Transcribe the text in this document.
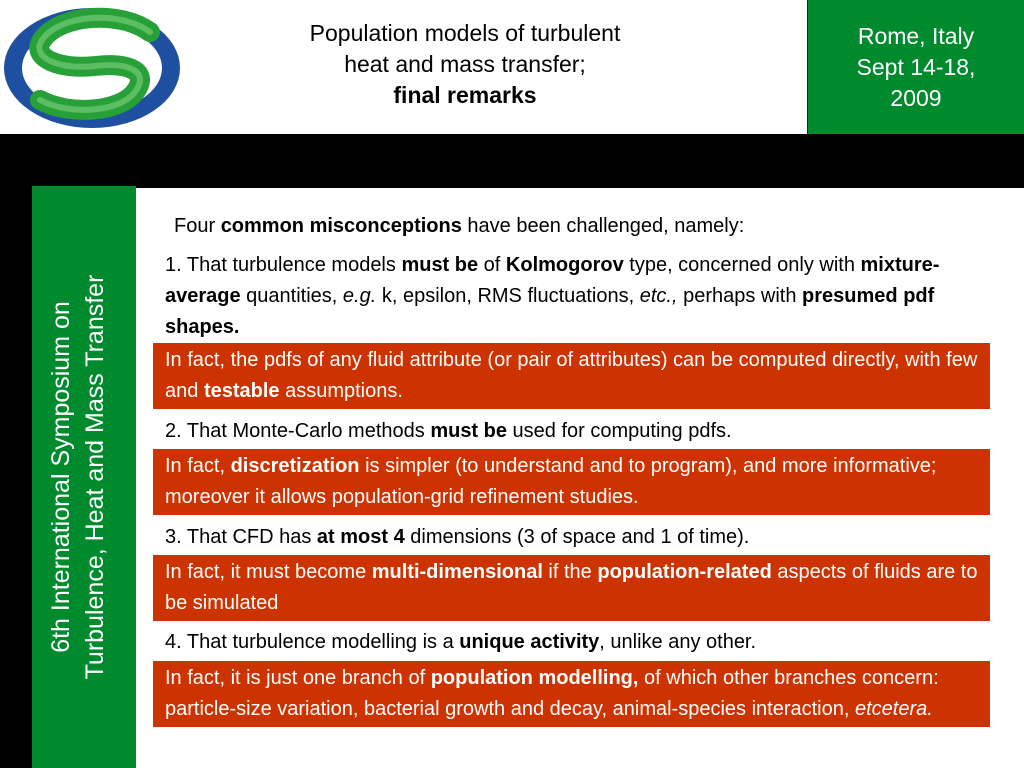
Population models of turbulent
heat and mass transfer;
final remarks
Rome, Italy
Sept 14-18,
2009
6th International Symposium on Turbulence, Heat and Mass Transfer
Four common misconceptions have been challenged, namely:
1. That turbulence models must be of Kolmogorov type, concerned only with mixture-average quantities, e.g. k, epsilon, RMS fluctuations, etc., perhaps with presumed pdf shapes.
In fact, the pdfs of any fluid attribute (or pair of attributes) can be computed directly, with few and testable assumptions.
2. That Monte-Carlo methods must be used for computing pdfs.
In fact, discretization is simpler (to understand and to program), and more informative; moreover it allows population-grid refinement studies.
3. That CFD has at most 4 dimensions (3 of space and 1 of time).
In fact, it must become multi-dimensional if the population-related aspects of fluids are to be simulated
4. That turbulence modelling is a unique activity, unlike any other.
In fact, it is just one branch of population modelling, of which other branches concern: particle-size variation, bacterial growth and decay, animal-species interaction, etcetera.
